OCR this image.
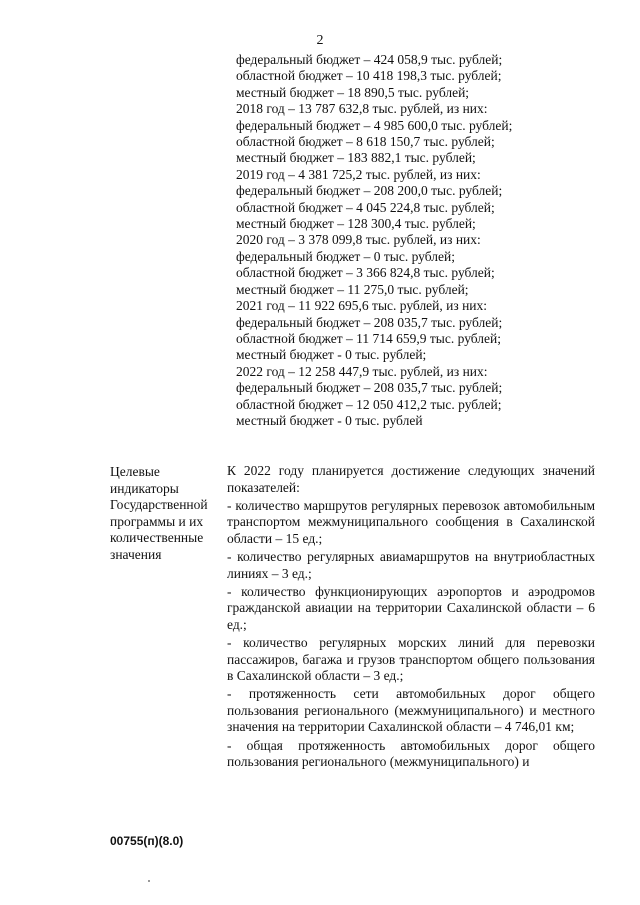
2
федеральный бюджет – 424 058,9 тыс. рублей;
областной бюджет – 10 418 198,3 тыс. рублей;
местный бюджет – 18 890,5 тыс. рублей;
2018 год – 13 787 632,8 тыс. рублей, из них:
федеральный бюджет – 4 985 600,0 тыс. рублей;
областной бюджет – 8 618 150,7 тыс. рублей;
местный бюджет – 183 882,1 тыс. рублей;
2019 год – 4 381 725,2 тыс. рублей, из них:
федеральный бюджет – 208 200,0 тыс. рублей;
областной бюджет – 4 045 224,8 тыс. рублей;
местный бюджет – 128 300,4 тыс. рублей;
2020 год – 3 378 099,8 тыс. рублей, из них:
федеральный бюджет – 0 тыс. рублей;
областной бюджет – 3 366 824,8 тыс. рублей;
местный бюджет – 11 275,0 тыс. рублей;
2021 год – 11 922 695,6 тыс. рублей, из них:
федеральный бюджет – 208 035,7 тыс. рублей;
областной бюджет – 11 714 659,9 тыс. рублей;
местный бюджет - 0 тыс. рублей;
2022 год – 12 258 447,9 тыс. рублей, из них:
федеральный бюджет – 208 035,7 тыс. рублей;
областной бюджет – 12 050 412,2 тыс. рублей;
местный бюджет - 0 тыс. рублей
Целевые
индикаторы
Государственной
программы и их
количественные
значения

К 2022 году планируется достижение следующих значений показателей:

- количество маршрутов регулярных перевозок автомобильным транспортом межмуниципального сообщения в Сахалинской области – 15 ед.;

- количество регулярных авиамаршрутов на внутриобластных линиях – 3 ед.;

- количество функционирующих аэропортов и аэродромов гражданской авиации на территории Сахалинской области – 6 ед.;

- количество регулярных морских линий для перевозки пассажиров, багажа и грузов транспортом общего пользования в Сахалинской области – 3 ед.;

- протяженность сети автомобильных дорог общего пользования регионального (межмуниципального) и местного значения на территории Сахалинской области – 4 746,01 км;

- общая протяженность автомобильных дорог общего пользования регионального (межмуниципального) и

00755(п)(8.0)
